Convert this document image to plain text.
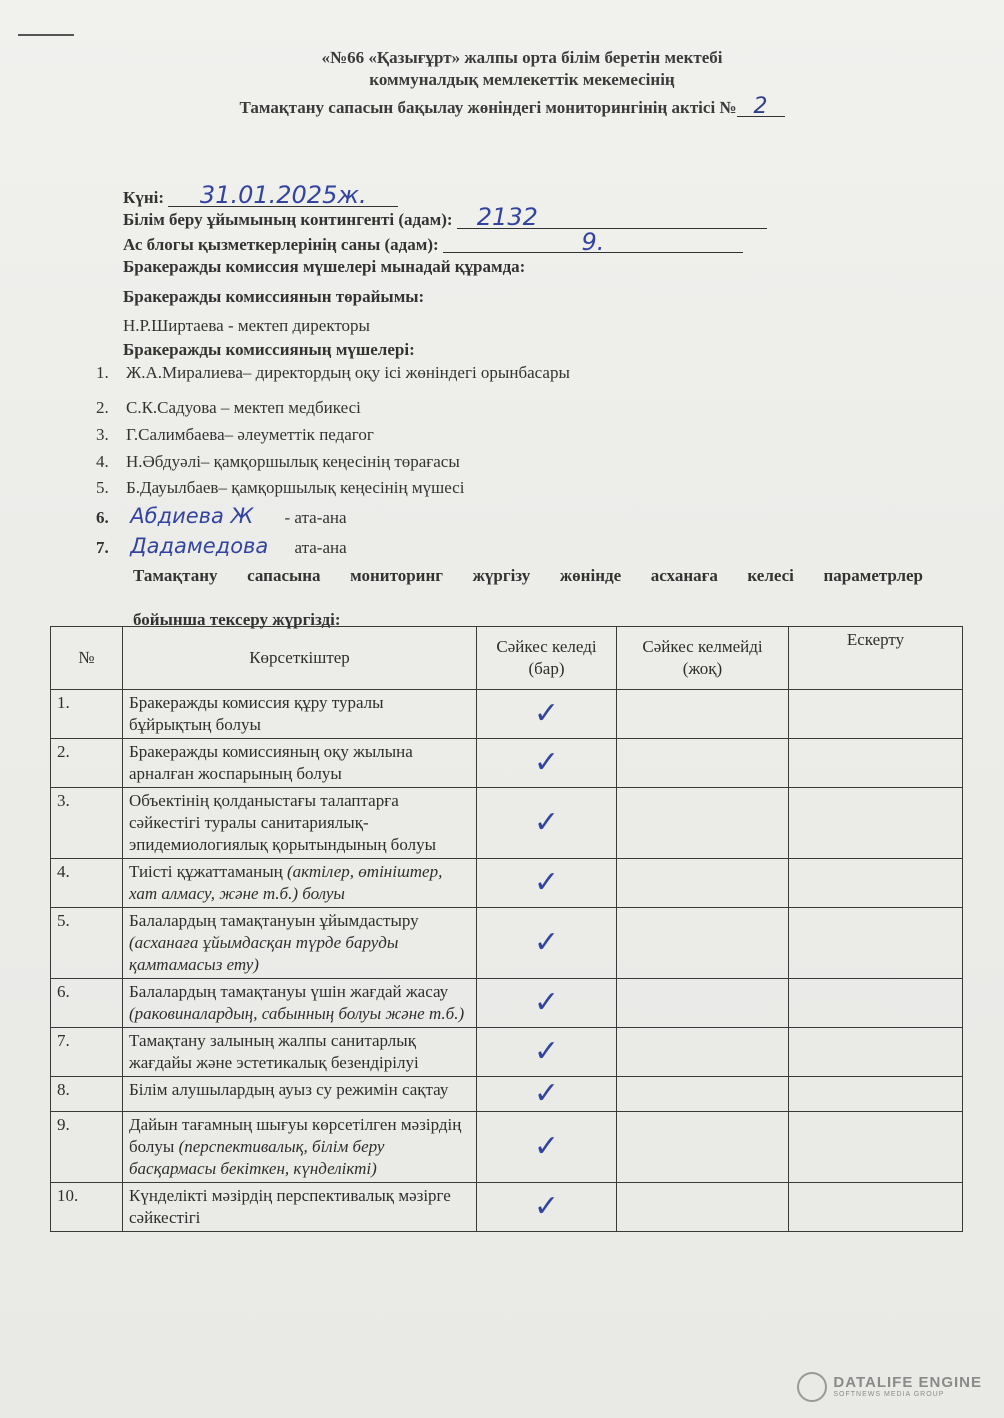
«№66 «Қазығұрт» жалпы орта білім беретін мектебі
коммуналдық мемлекеттік мекемесінің
Тамақтану сапасын бақылау жөніндегі мониторингінің актісі № 2
Күні: 31.01.2025ж.
Білім беру ұйымының контингенті (адам): 2132
Ас блогы қызметкерлерінің саны (адам):	9.
Бракеражды комиссия мүшелері мынадай құрамда:
Бракеражды комиссиянын төрайымы:
Н.Р.Ширтаева - мектеп директоры
Бракеражды комиссияның мүшелері:
1. Ж.А.Миралиева– директордың оқу ісі жөніндегі орынбасары
2. С.К.Садуова – мектеп медбикесі
3. Г.Салимбаева– әлеуметтік педагог
4. Н.Әбдуәлі– қамқоршылық кеңесінің төрағасы
5. Б.Дауылбаев– қамқоршылық кеңесінің мүшесі
6. Абдиева Ж - ата-ана
7. Дадамедова ата-ана
Тамақтану сапасына мониторинг жүргізу жөнінде асханаға келесі параметрлер
бойынша тексеру жүргізді:
№	Көрсеткіштер	Сәйкес келеді (бар)	Сәйкес келмейді (жоқ)	Ескерту
1.	Бракеражды комиссия құру туралы бұйрықтың болуы	✓		
2.	Бракеражды комиссияның оқу жылына арналған жоспарының болуы	✓		
3.	Объектінің қолданыстағы талаптарға сәйкестігі туралы санитариялық-эпидемиологиялық қорытындының болуы	✓		
4.	Тиісті құжаттаманың (актілер, өтініштер, хат алмасу, және т.б.) болуы	✓		
5.	Балалардың тамақтануын ұйымдастыру (асханаға ұйымдасқан түрде баруды қамтамасыз ету)	✓		
6.	Балалардың тамақтануы үшін жағдай жасау (раковиналардың, сабынның болуы және т.б.)	✓		
7.	Тамақтану залының жалпы санитарлық жағдайы және эстетикалық безендірілуі	✓		
8.	Білім алушылардың ауыз су режимін сақтау	✓		
9.	Дайын тағамның шығуы көрсетілген мәзірдің болуы (перспективалық, білім беру басқармасы бекіткен, күнделікті)	✓		
10.	Күнделікті мәзірдің перспективалық мәзірге сәйкестігі	✓		
DATALIFE ENGINE
SOFTNEWS MEDIA GROUP
